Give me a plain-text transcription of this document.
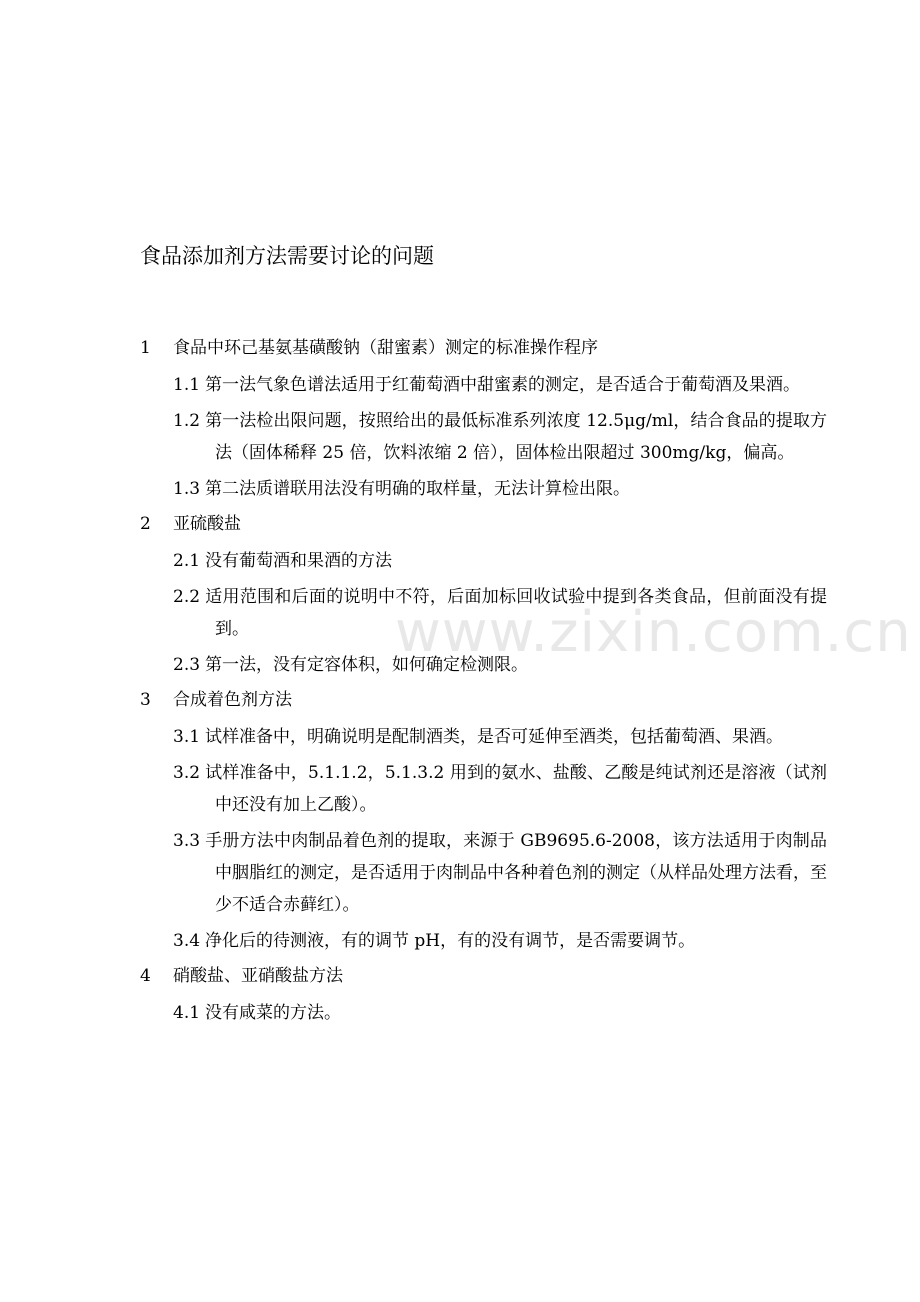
www.zixin.com.cn
食品添加剂方法需要讨论的问题
1	食品中环己基氨基磺酸钠（甜蜜素）测定的标准操作程序
1.1 第一法气象色谱法适用于红葡萄酒中甜蜜素的测定，是否适合于葡萄酒及果酒。
1.2 第一法检出限问题，按照给出的最低标准系列浓度 12.5μg/ml，结合食品的提取方法（固体稀释 25 倍，饮料浓缩 2 倍），固体检出限超过 300mg/kg，偏高。
1.3 第二法质谱联用法没有明确的取样量，无法计算检出限。
2	亚硫酸盐
2.1 没有葡萄酒和果酒的方法
2.2 适用范围和后面的说明中不符，后面加标回收试验中提到各类食品，但前面没有提到。
2.3 第一法，没有定容体积，如何确定检测限。
3	合成着色剂方法
3.1 试样准备中，明确说明是配制酒类，是否可延伸至酒类，包括葡萄酒、果酒。
3.2 试样准备中，5.1.1.2，5.1.3.2 用到的氨水、盐酸、乙酸是纯试剂还是溶液（试剂中还没有加上乙酸）。
3.3 手册方法中肉制品着色剂的提取，来源于 GB9695.6-2008，该方法适用于肉制品中胭脂红的测定，是否适用于肉制品中各种着色剂的测定（从样品处理方法看，至少不适合赤藓红）。
3.4 净化后的待测液，有的调节 pH，有的没有调节，是否需要调节。
4	硝酸盐、亚硝酸盐方法
4.1 没有咸菜的方法。
